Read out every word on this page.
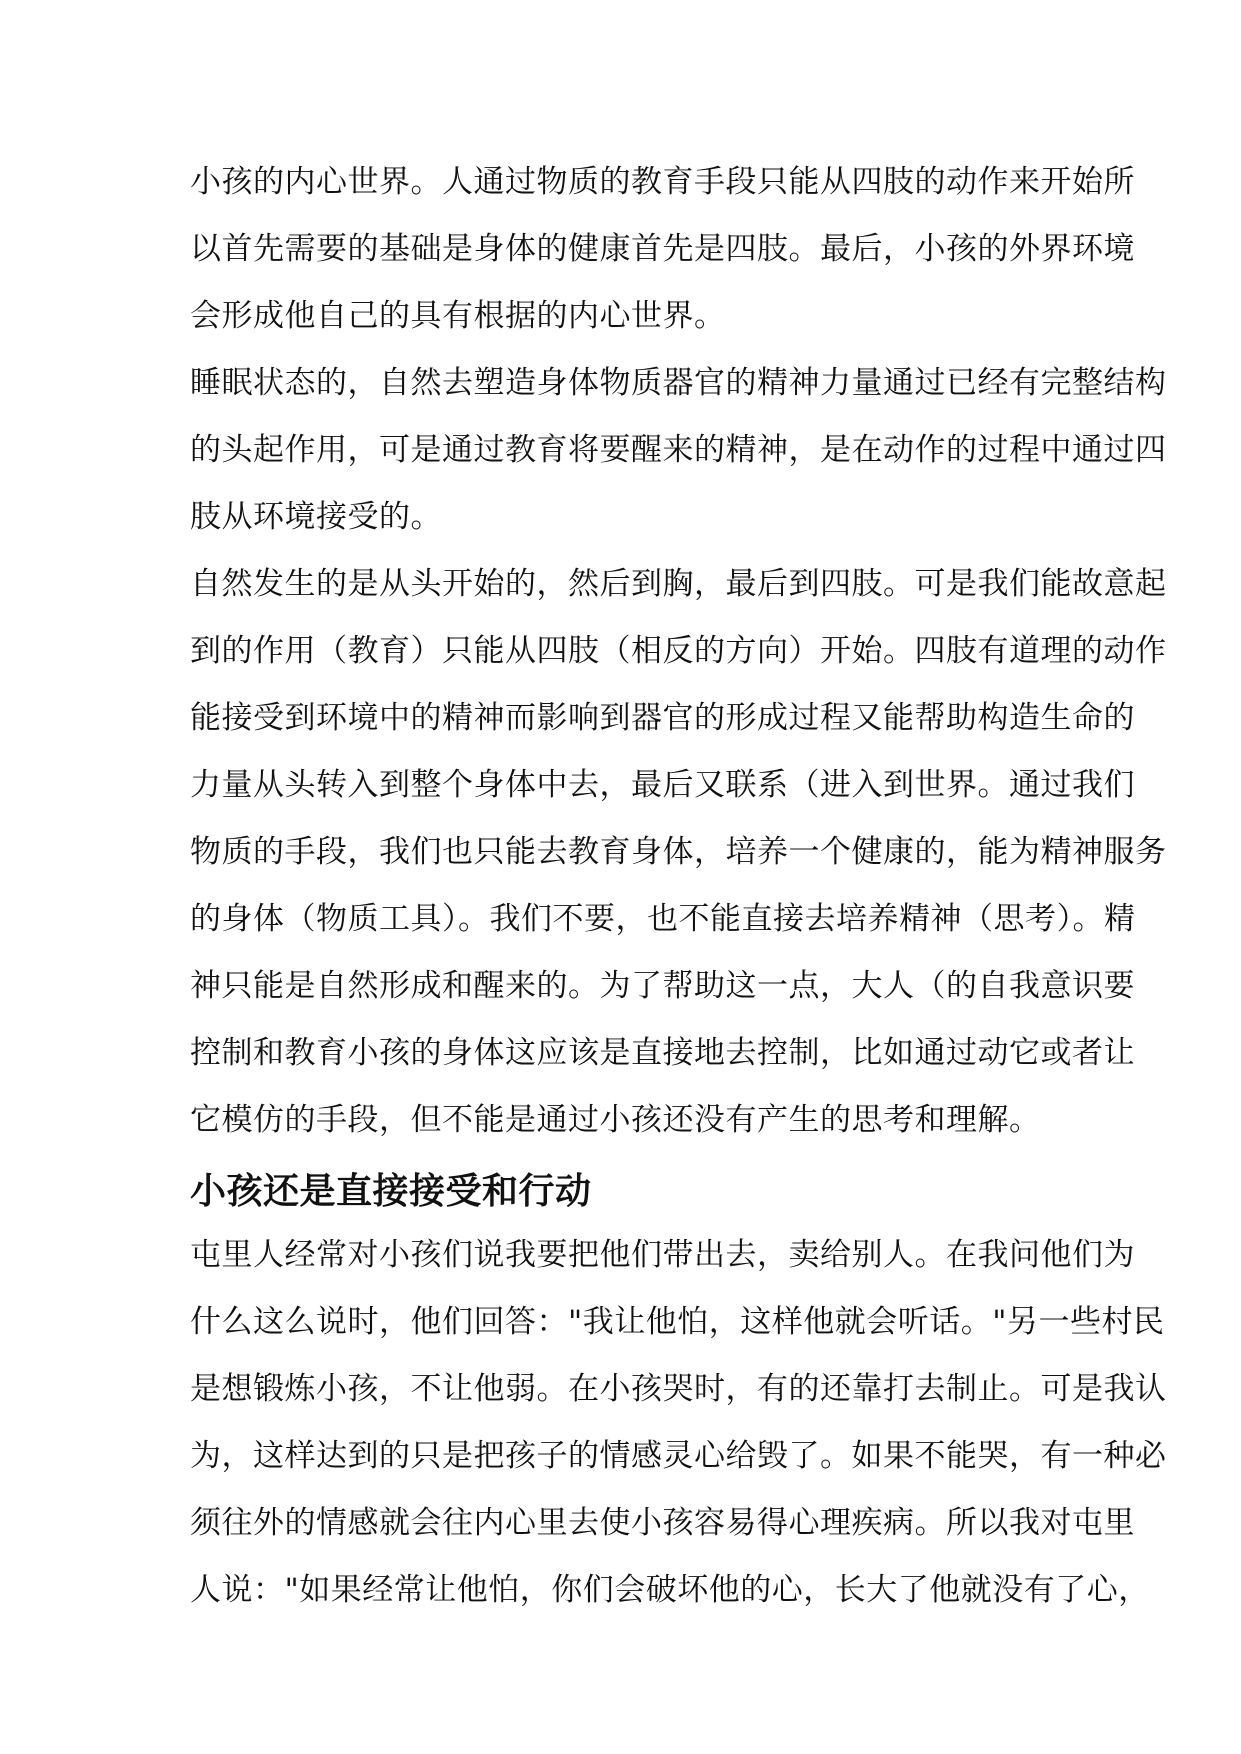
小孩的内心世界。人通过物质的教育手段只能从四肢的动作来开始所
以首先需要的基础是身体的健康首先是四肢。最后，小孩的外界环境
会形成他自己的具有根据的内心世界。
睡眠状态的，自然去塑造身体物质器官的精神力量通过已经有完整结构
的头起作用，可是通过教育将要醒来的精神，是在动作的过程中通过四
肢从环境接受的。
自然发生的是从头开始的，然后到胸，最后到四肢。可是我们能故意起
到的作用（教育）只能从四肢（相反的方向）开始。四肢有道理的动作
能接受到环境中的精神而影响到器官的形成过程又能帮助构造生命的
力量从头转入到整个身体中去，最后又联系（进入到世界。通过我们
物质的手段，我们也只能去教育身体，培养一个健康的，能为精神服务
的身体（物质工具）。我们不要，也不能直接去培养精神（思考）。精
神只能是自然形成和醒来的。为了帮助这一点，大人（的自我意识要
控制和教育小孩的身体这应该是直接地去控制，比如通过动它或者让
它模仿的手段，但不能是通过小孩还没有产生的思考和理解。
小孩还是直接接受和行动
屯里人经常对小孩们说我要把他们带出去，卖给别人。在我问他们为
什么这么说时，他们回答："我让他怕，这样他就会听话。"另一些村民
是想锻炼小孩，不让他弱。在小孩哭时，有的还靠打去制止。可是我认
为，这样达到的只是把孩子的情感灵心给毁了。如果不能哭，有一种必
须往外的情感就会往内心里去使小孩容易得心理疾病。所以我对屯里
人说："如果经常让他怕，你们会破坏他的心，长大了他就没有了心，
